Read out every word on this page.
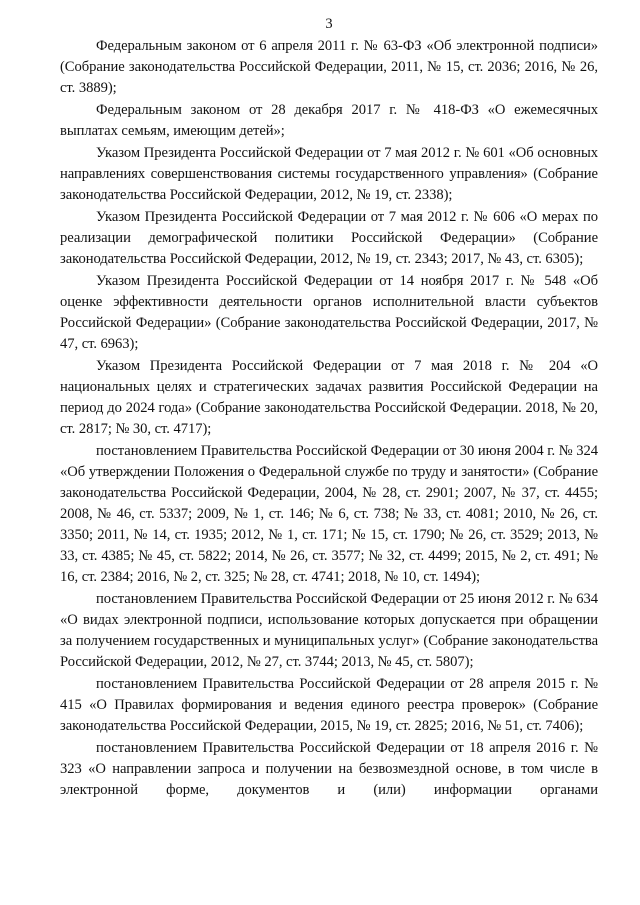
3

Федеральным законом от 6 апреля 2011 г. № 63-ФЗ «Об электронной подписи» (Собрание законодательства Российской Федерации, 2011, № 15, ст. 2036; 2016, № 26, ст. 3889);

Федеральным законом от 28 декабря 2017 г. № 418-ФЗ «О ежемесячных выплатах семьям, имеющим детей»;

Указом Президента Российской Федерации от 7 мая 2012 г. № 601 «Об основных направлениях совершенствования системы государственного управления» (Собрание законодательства Российской Федерации, 2012, № 19, ст. 2338);

Указом Президента Российской Федерации от 7 мая 2012 г. № 606 «О мерах по реализации демографической политики Российской Федерации» (Собрание законодательства Российской Федерации, 2012, № 19, ст. 2343; 2017, № 43, ст. 6305);

Указом Президента Российской Федерации от 14 ноября 2017 г. № 548 «Об оценке эффективности деятельности органов исполнительной власти субъектов Российской Федерации» (Собрание законодательства Российской Федерации, 2017, № 47, ст. 6963);

Указом Президента Российской Федерации от 7 мая 2018 г. № 204 «О национальных целях и стратегических задачах развития Российской Федерации на период до 2024 года» (Собрание законодательства Российской Федерации. 2018, № 20, ст. 2817; № 30, ст. 4717);

постановлением Правительства Российской Федерации от 30 июня 2004 г. № 324 «Об утверждении Положения о Федеральной службе по труду и занятости» (Собрание законодательства Российской Федерации, 2004, № 28, ст. 2901; 2007, № 37, ст. 4455; 2008, № 46, ст. 5337; 2009, № 1, ст. 146; № 6, ст. 738; № 33, ст. 4081; 2010, № 26, ст. 3350; 2011, № 14, ст. 1935; 2012, № 1, ст. 171; № 15, ст. 1790; № 26, ст. 3529; 2013, № 33, ст. 4385; № 45, ст. 5822; 2014, № 26, ст. 3577; № 32, ст. 4499; 2015, № 2, ст. 491; № 16, ст. 2384; 2016, № 2, ст. 325; № 28, ст. 4741; 2018, № 10, ст. 1494);

постановлением Правительства Российской Федерации от 25 июня 2012 г. № 634 «О видах электронной подписи, использование которых допускается при обращении за получением государственных и муниципальных услуг» (Собрание законодательства Российской Федерации, 2012, № 27, ст. 3744; 2013, № 45, ст. 5807);

постановлением Правительства Российской Федерации от 28 апреля 2015 г. № 415 «О Правилах формирования и ведения единого реестра проверок» (Собрание законодательства Российской Федерации, 2015, № 19, ст. 2825; 2016, № 51, ст. 7406);

постановлением Правительства Российской Федерации от 18 апреля 2016 г. № 323 «О направлении запроса и получении на безвозмездной основе, в том числе в электронной форме, документов и (или) информации органами
